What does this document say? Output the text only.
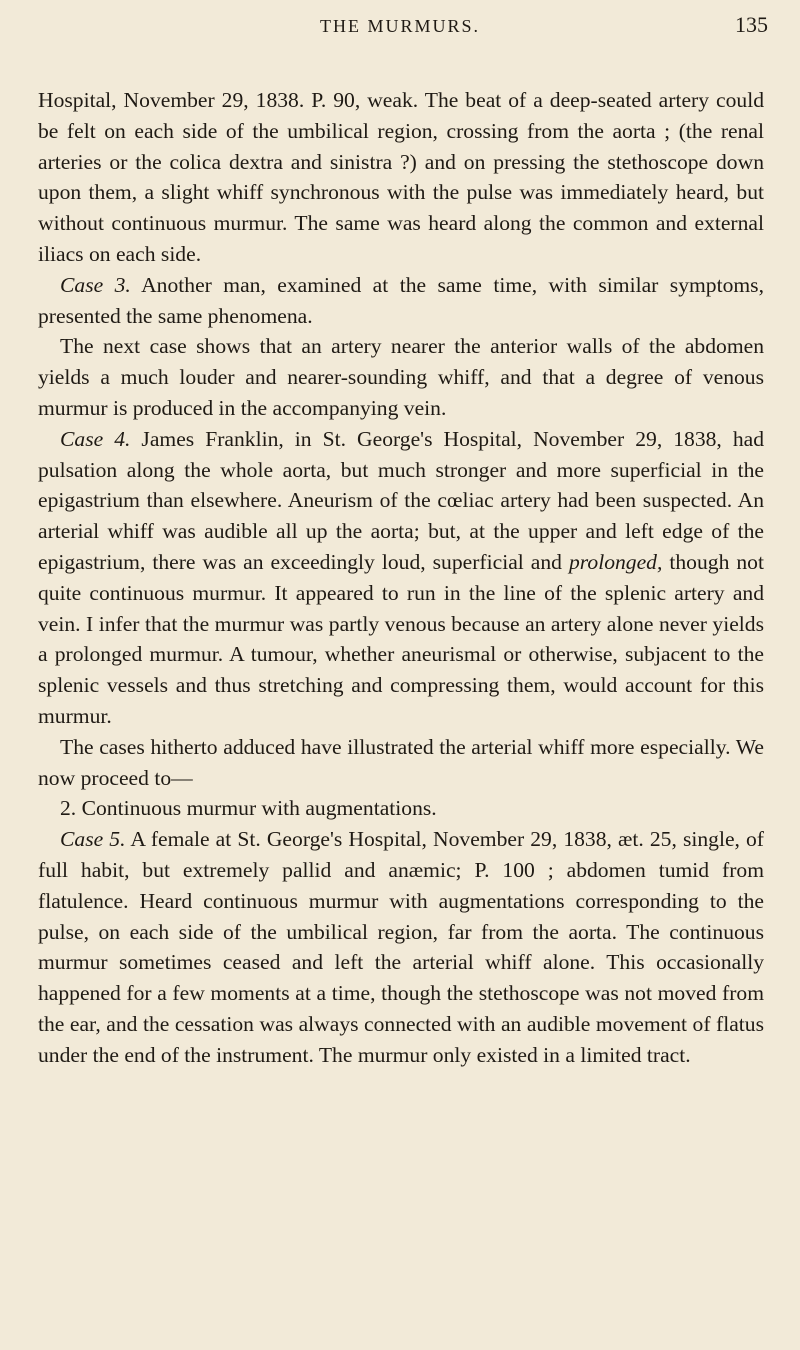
THE MURMURS.	135

Hospital, November 29, 1838. P. 90, weak. The beat of a deep-seated artery could be felt on each side of the umbilical region, crossing from the aorta ; (the renal arteries or the colica dextra and sinistra ?) and on pressing the stethoscope down upon them, a slight whiff synchronous with the pulse was immediately heard, but without continuous murmur. The same was heard along the common and external iliacs on each side.

Case 3. Another man, examined at the same time, with similar symptoms, presented the same phenomena.

The next case shows that an artery nearer the anterior walls of the abdomen yields a much louder and nearer-sounding whiff, and that a degree of venous murmur is produced in the accompanying vein.

Case 4. James Franklin, in St. George's Hospital, November 29, 1838, had pulsation along the whole aorta, but much stronger and more superficial in the epigastrium than elsewhere. Aneurism of the cœliac artery had been suspected. An arterial whiff was audible all up the aorta; but, at the upper and left edge of the epigastrium, there was an exceedingly loud, superficial and prolonged, though not quite continuous murmur. It appeared to run in the line of the splenic artery and vein. I infer that the murmur was partly venous because an artery alone never yields a prolonged murmur. A tumour, whether aneurismal or otherwise, subjacent to the splenic vessels and thus stretching and compressing them, would account for this murmur.

The cases hitherto adduced have illustrated the arterial whiff more especially. We now proceed to—

2. Continuous murmur with augmentations.

Case 5. A female at St. George's Hospital, November 29, 1838, æt. 25, single, of full habit, but extremely pallid and anæmic; P. 100 ; abdomen tumid from flatulence. Heard continuous murmur with augmentations corresponding to the pulse, on each side of the umbilical region, far from the aorta. The continuous murmur sometimes ceased and left the arterial whiff alone. This occasionally happened for a few moments at a time, though the stethoscope was not moved from the ear, and the cessation was always connected with an audible movement of flatus under the end of the instrument. The murmur only existed in a limited tract.
